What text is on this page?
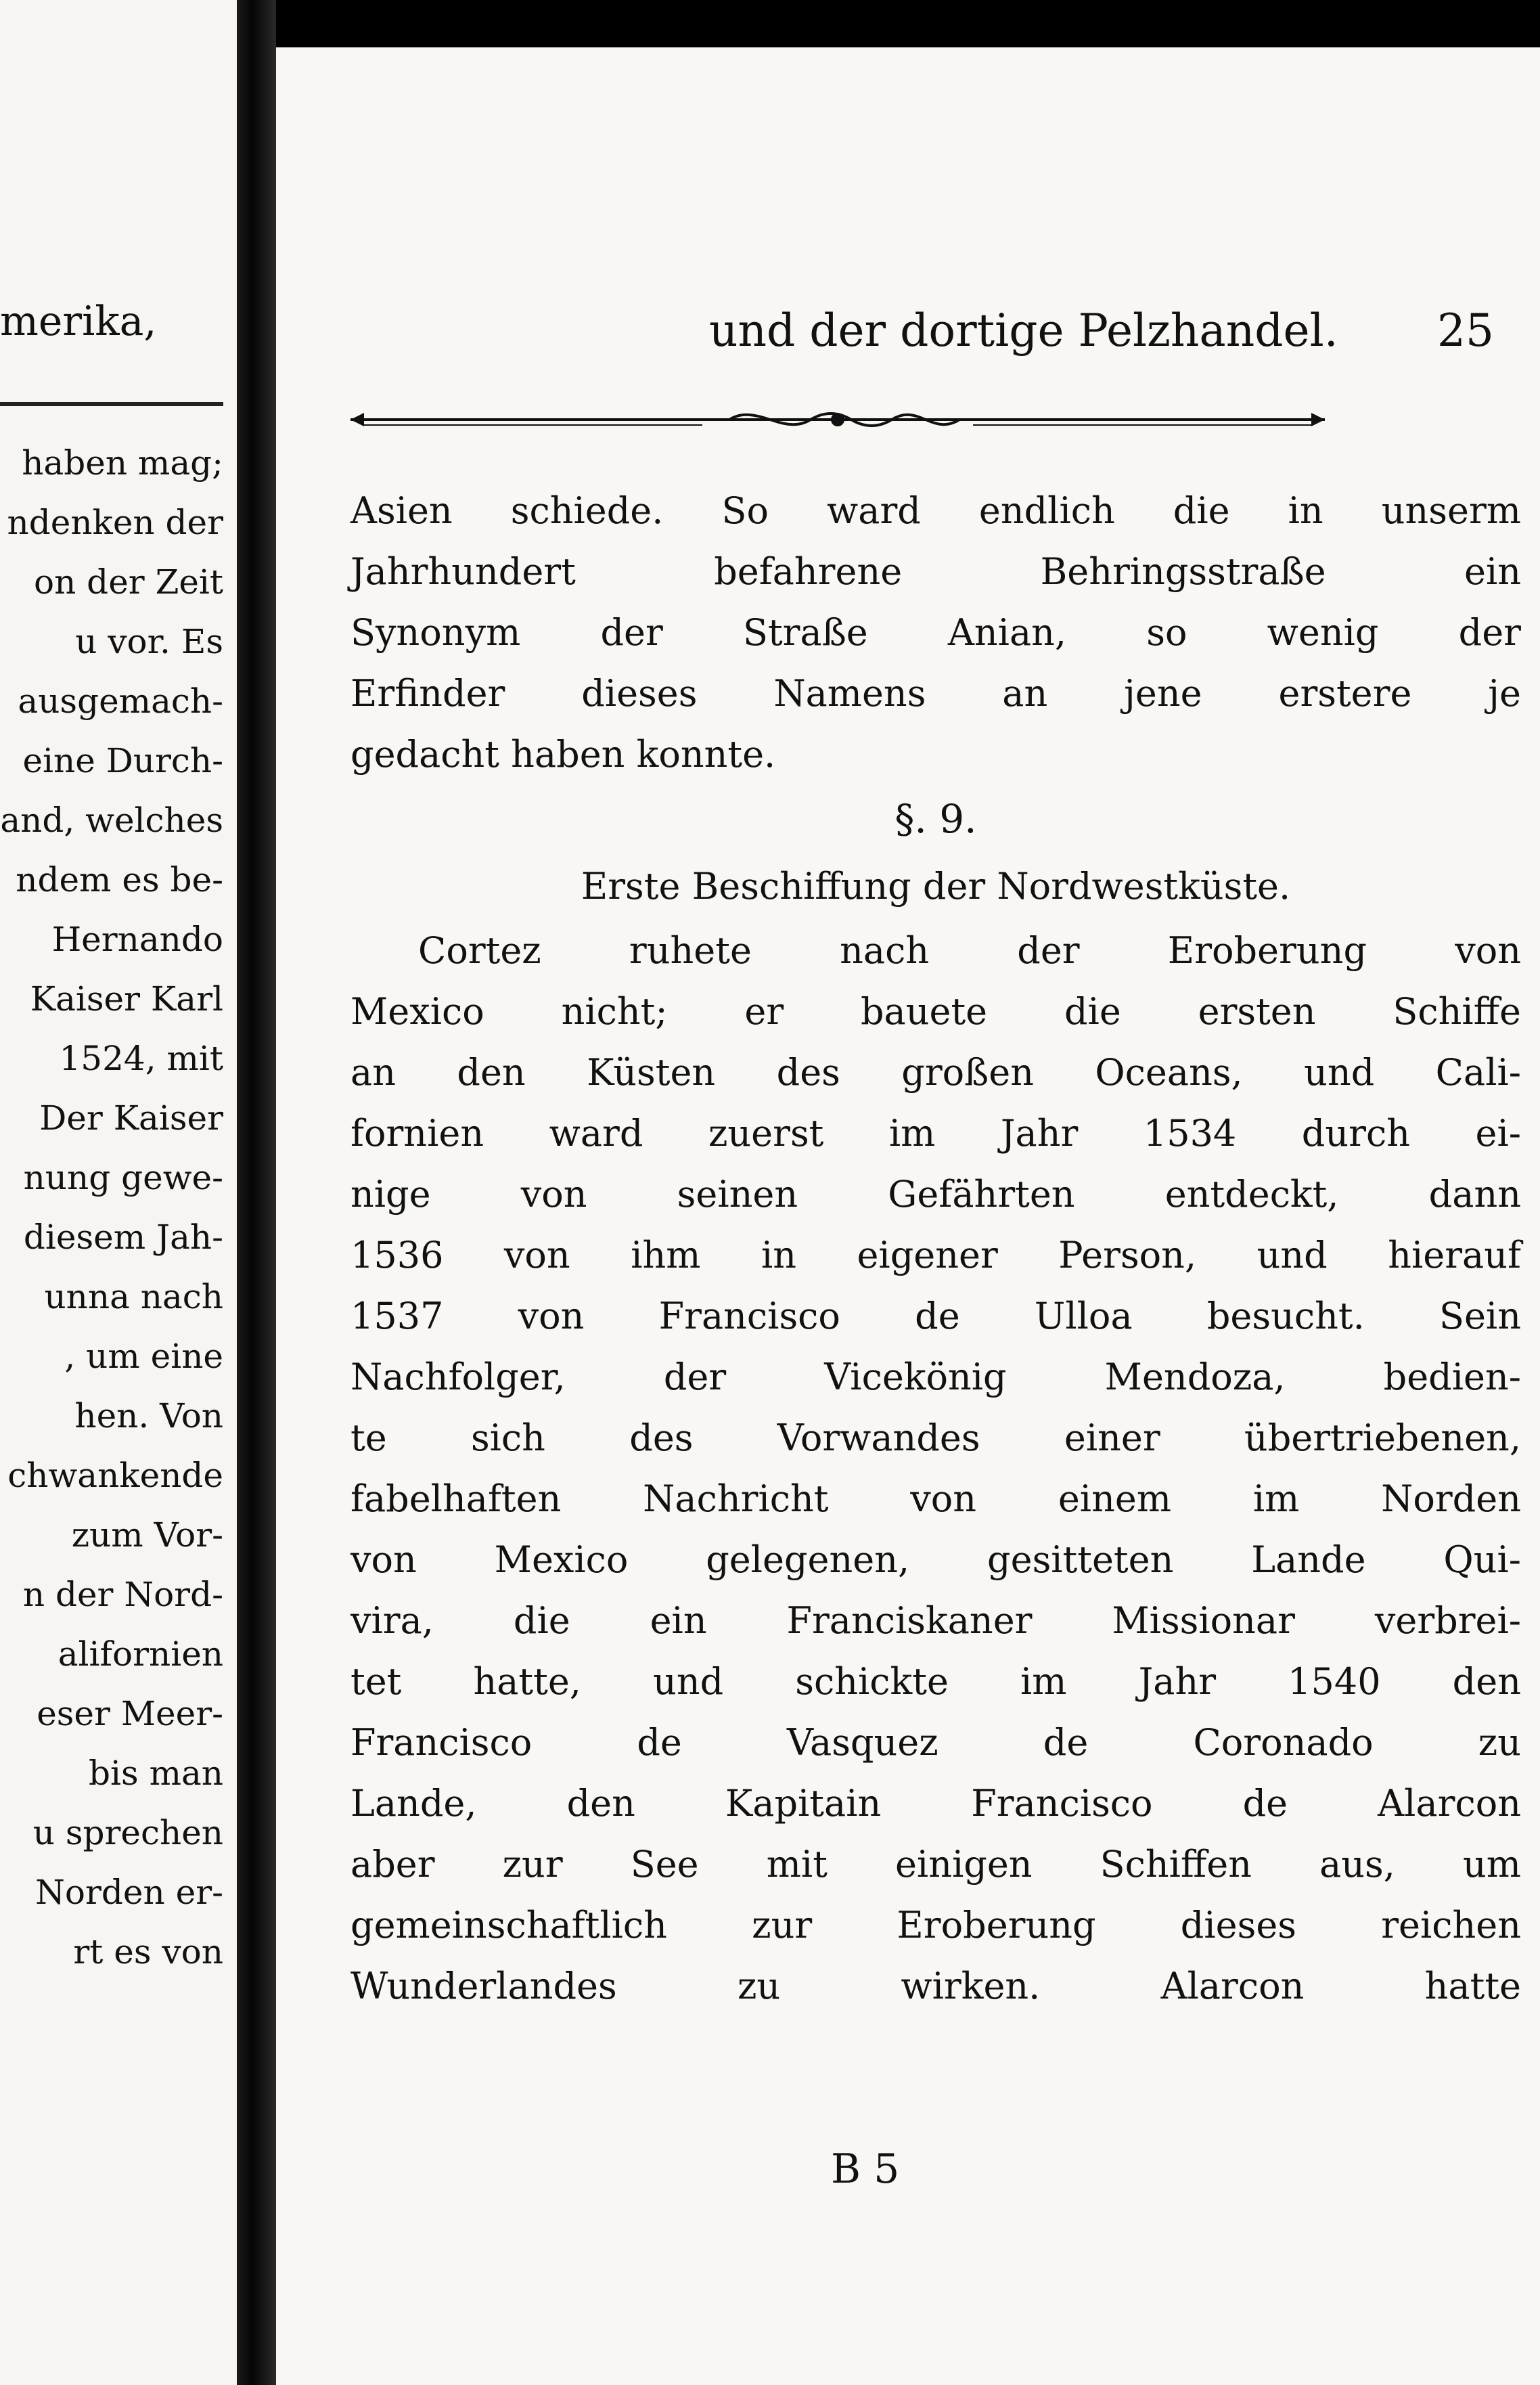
merika,
haben mag;
ndenken der
on der Zeit
u vor. Es
ausgemach-
eine Durch-
and, welches
ndem es be-
Hernando
Kaiser Karl
1524, mit
Der Kaiser
nung gewe-
diesem Jah-
unna nach
, um eine
hen. Von
chwankende
zum Vor-
n der Nord-
alifornien
eser Meer-
bis man
u sprechen
Norden er-
rt es von
und der dortige Pelzhandel. 25
Asien schiede. So ward endlich die in unserm
Jahrhundert befahrene Behringsstraße ein
Synonym der Straße Anian, so wenig der
Erfinder dieses Namens an jene erstere je
gedacht haben konnte.
§. 9.
Erste Beschiffung der Nordwestküste.
Cortez ruhete nach der Eroberung von
Mexico nicht; er bauete die ersten Schiffe
an den Küsten des großen Oceans, und Cali-
fornien ward zuerst im Jahr 1534 durch ei-
nige von seinen Gefährten entdeckt, dann
1536 von ihm in eigener Person, und hierauf
1537 von Francisco de Ulloa besucht. Sein
Nachfolger, der Vicekönig Mendoza, bedien-
te sich des Vorwandes einer übertriebenen,
fabelhaften Nachricht von einem im Norden
von Mexico gelegenen, gesitteten Lande Qui-
vira, die ein Franciskaner Missionar verbrei-
tet hatte, und schickte im Jahr 1540 den
Francisco de Vasquez de Coronado zu
Lande, den Kapitain Francisco de Alarcon
aber zur See mit einigen Schiffen aus, um
gemeinschaftlich zur Eroberung dieses reichen
Wunderlandes zu wirken. Alarcon hatte
B 5
